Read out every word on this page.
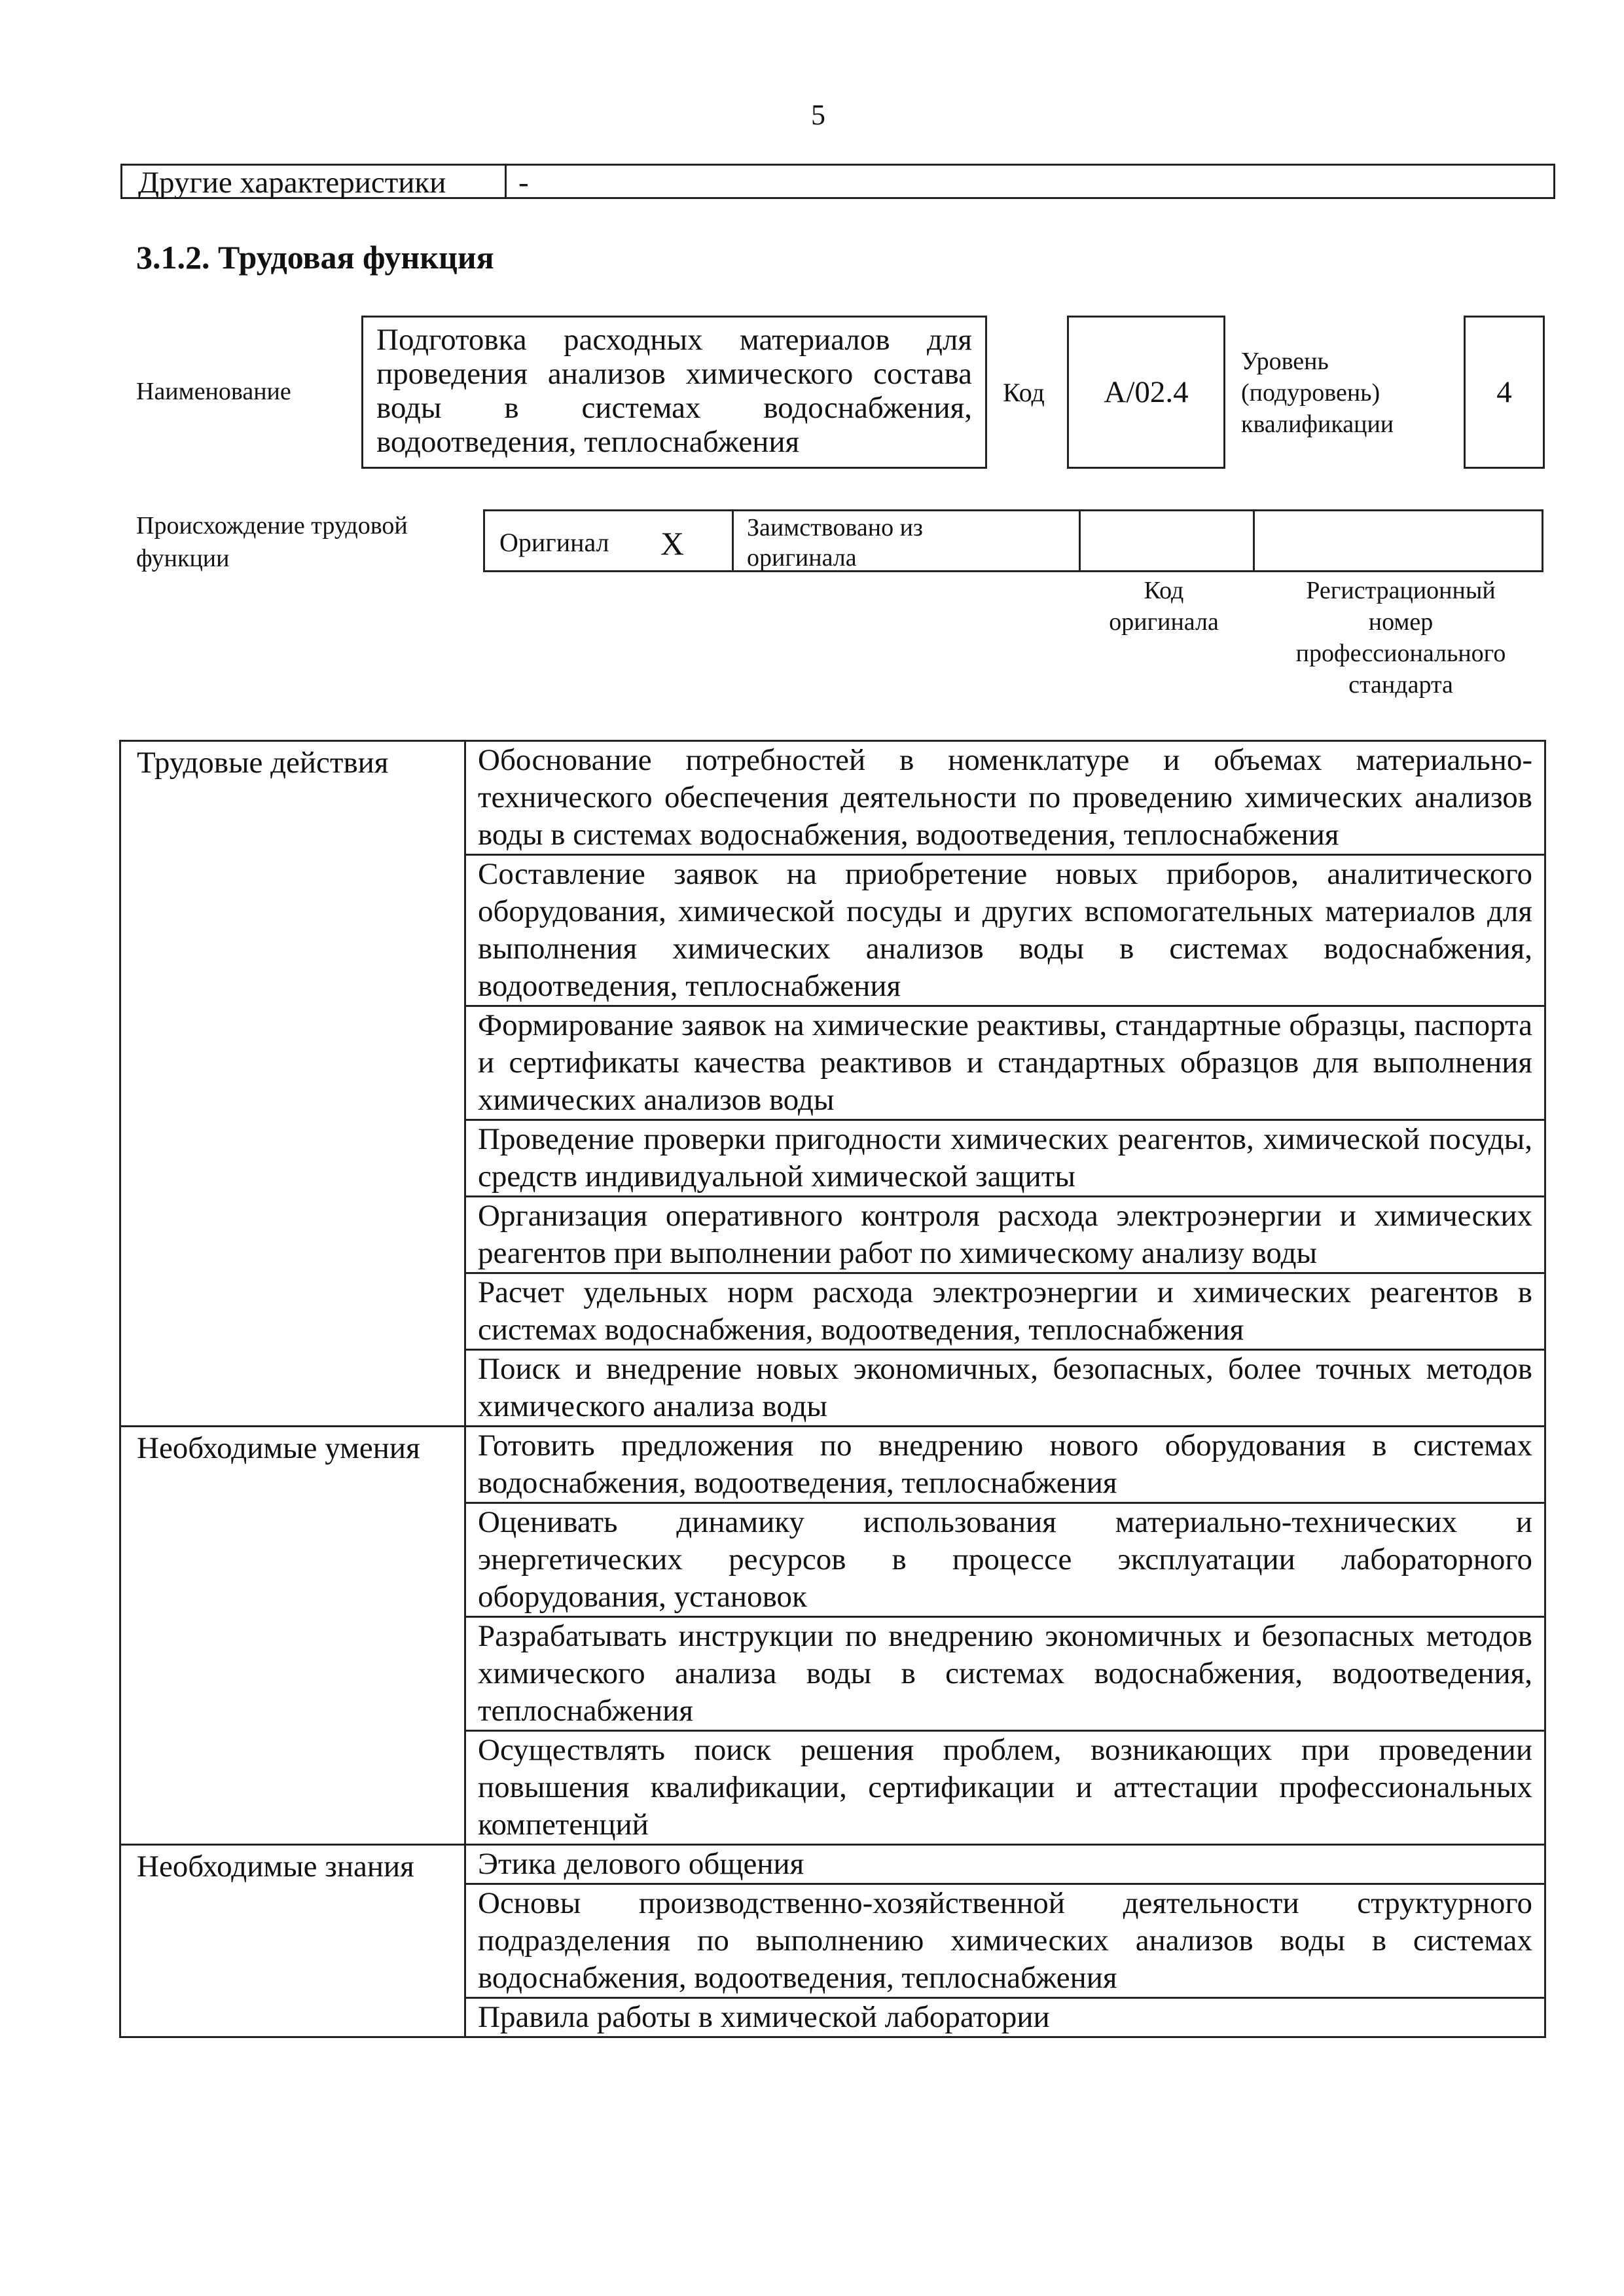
5
Другие характеристики	-
3.1.2. Трудовая функция
Наименование
Подготовка расходных материалов для проведения анализов химического состава воды в системах водоснабжения, водоотведения, теплоснабжения
Код	А/02.4
Уровень
(подуровень)
квалификации
4
Происхождение трудовой
функции
Оригинал X	Заимствовано из
оригинала
Код
оригинала
Регистрационный
номер
профессионального
стандарта
Трудовые действия	Обоснование потребностей в номенклатуре и объемах материально-технического обеспечения деятельности по проведению химических анализов воды в системах водоснабжения, водоотведения, теплоснабжения
	Составление заявок на приобретение новых приборов, аналитического оборудования, химической посуды и других вспомогательных материалов для выполнения химических анализов воды в системах водоснабжения, водоотведения, теплоснабжения
	Формирование заявок на химические реактивы, стандартные образцы, паспорта и сертификаты качества реактивов и стандартных образцов для выполнения химических анализов воды
	Проведение проверки пригодности химических реагентов, химической посуды, средств индивидуальной химической защиты
	Организация оперативного контроля расхода электроэнергии и химических реагентов при выполнении работ по химическому анализу воды
	Расчет удельных норм расхода электроэнергии и химических реагентов в системах водоснабжения, водоотведения, теплоснабжения
	Поиск и внедрение новых экономичных, безопасных, более точных методов химического анализа воды
Необходимые умения	Готовить предложения по внедрению нового оборудования в системах водоснабжения, водоотведения, теплоснабжения
	Оценивать динамику использования материально-технических и энергетических ресурсов в процессе эксплуатации лабораторного оборудования, установок
	Разрабатывать инструкции по внедрению экономичных и безопасных методов химического анализа воды в системах водоснабжения, водоотведения, теплоснабжения
	Осуществлять поиск решения проблем, возникающих при проведении повышения квалификации, сертификации и аттестации профессиональных компетенций
Необходимые знания	Этика делового общения
	Основы производственно-хозяйственной деятельности структурного подразделения по выполнению химических анализов воды в системах водоснабжения, водоотведения, теплоснабжения
	Правила работы в химической лаборатории
